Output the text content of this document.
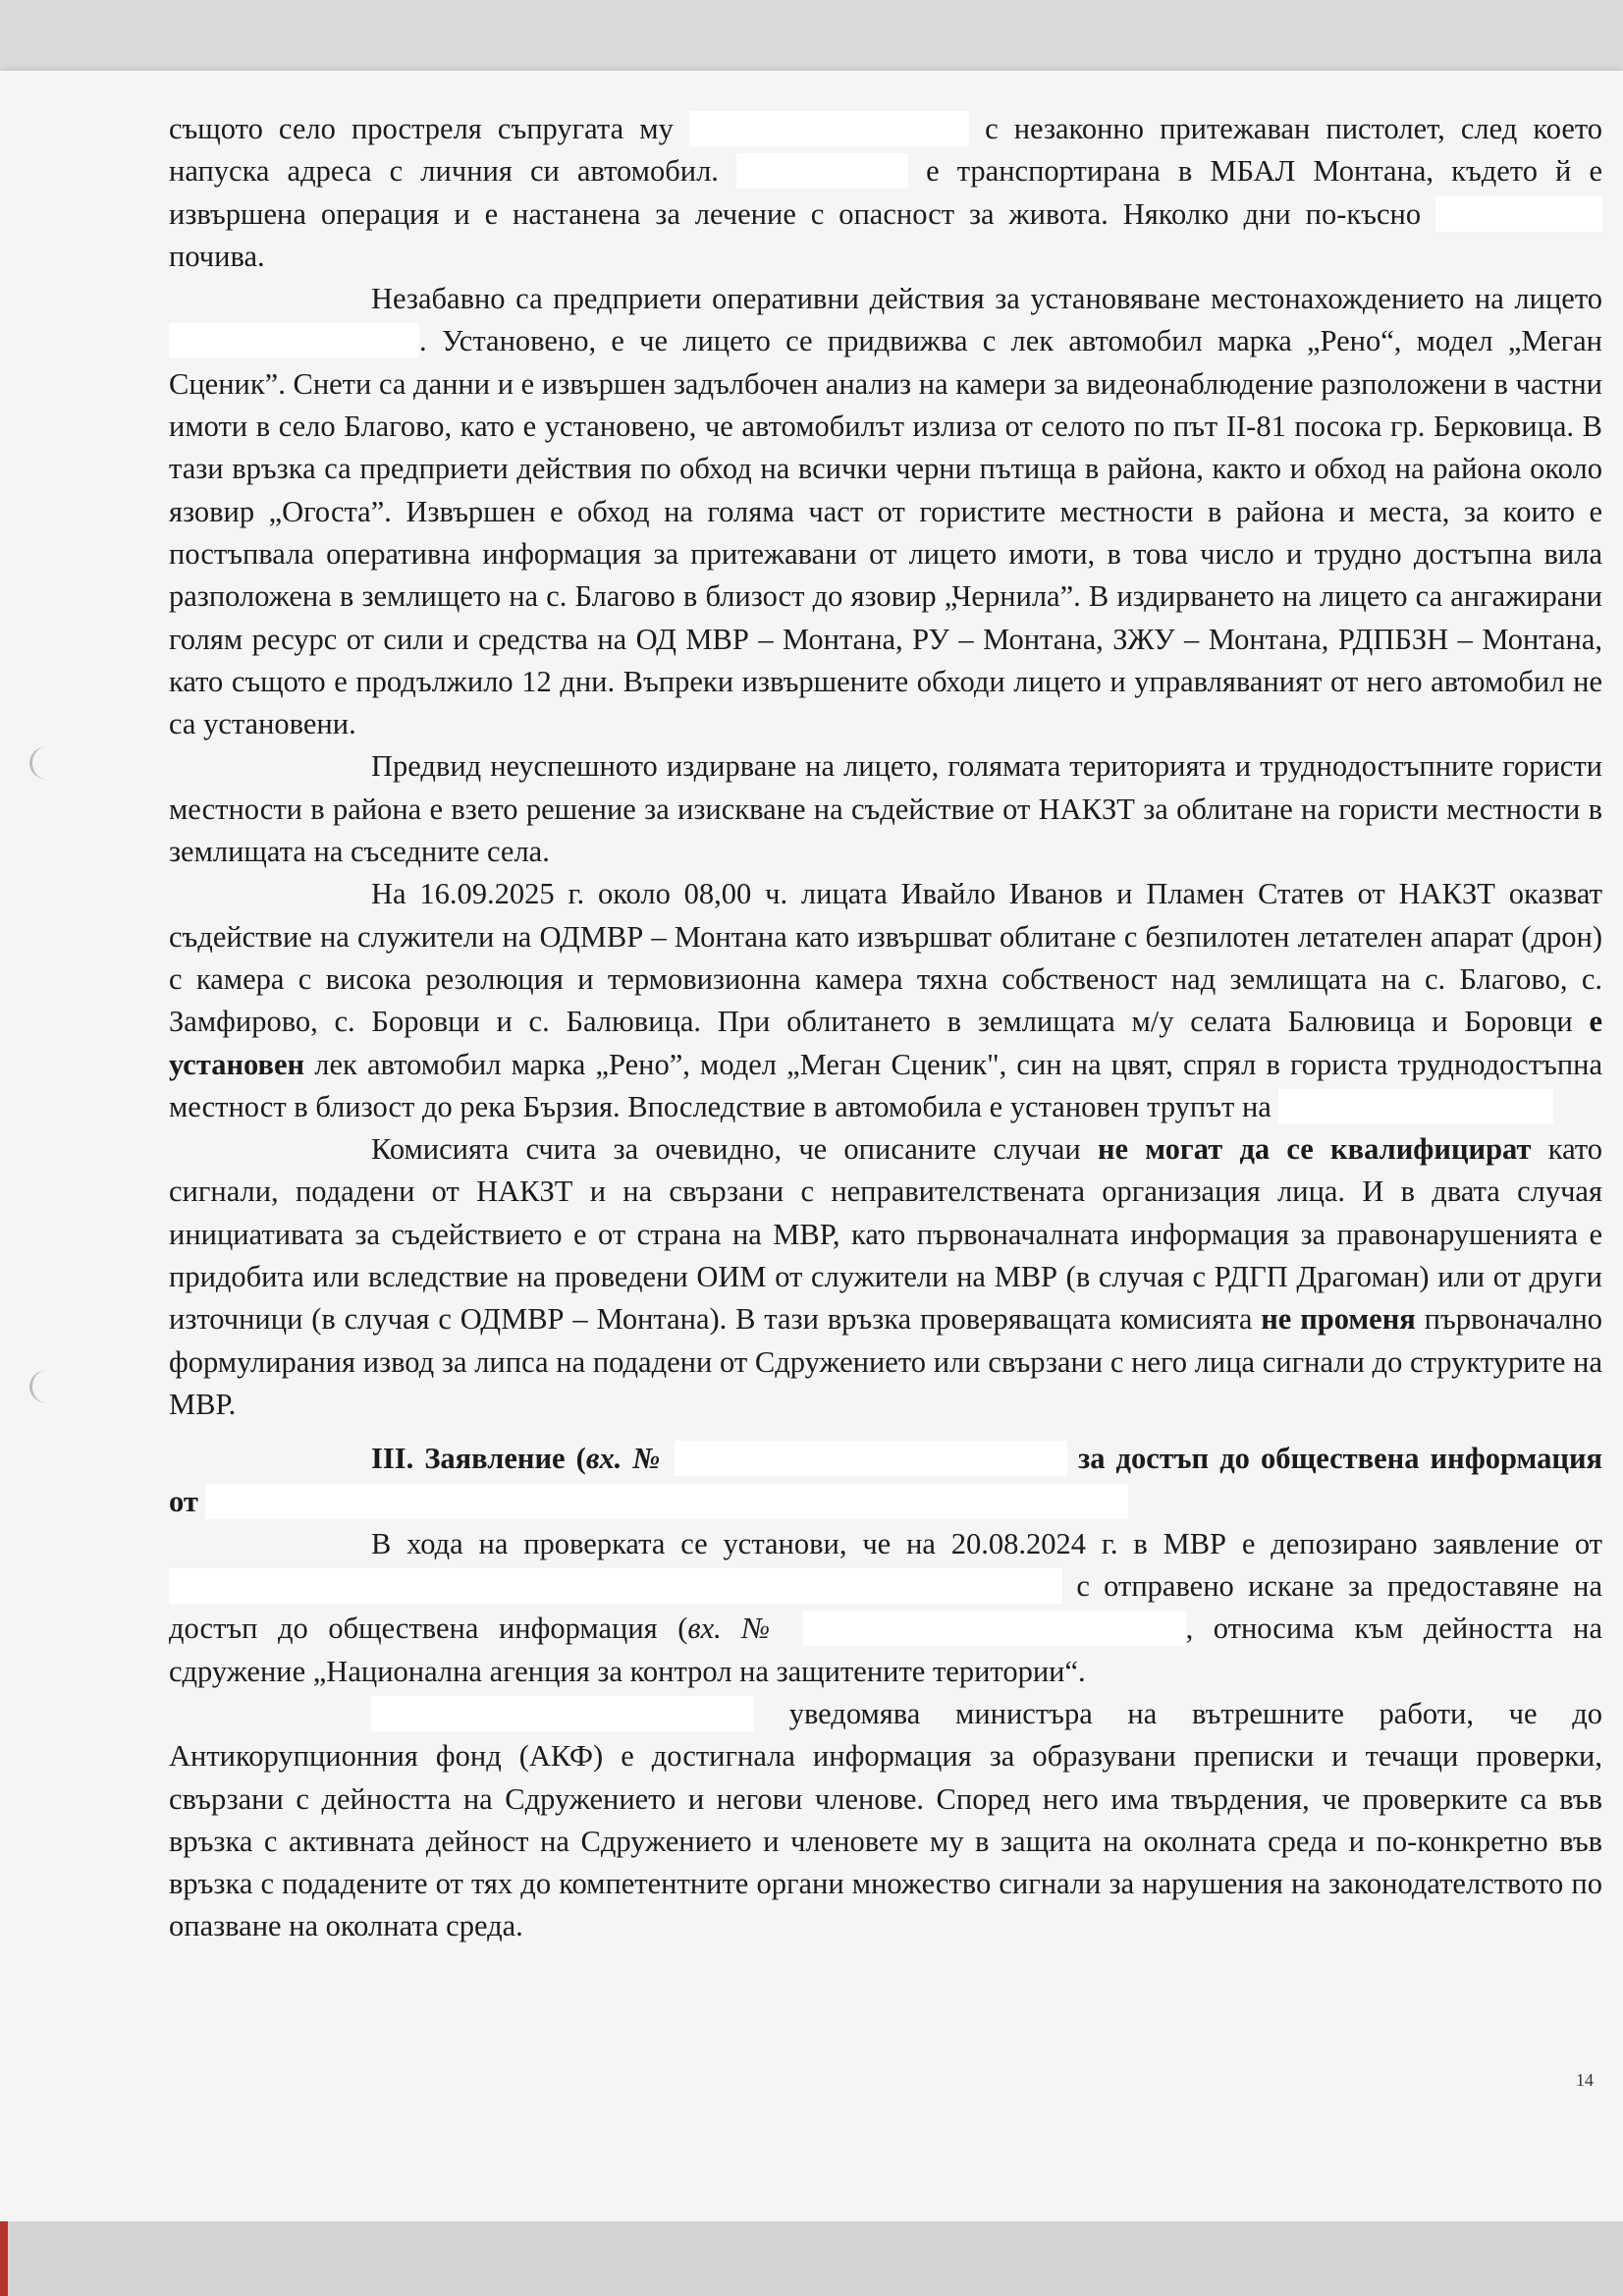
същото село простреля съпругата му	с незаконно притежаван пистолет, след което напуска адреса с личния си автомобил.	е транспортирана в МБАЛ Монтана, където й е извършена операция и е настанена за лечение с опасност за живота. Няколко дни по-късно  почива.

Незабавно са предприети оперативни действия за установяване местонахождението на лицето . Установено, е че лицето се придвижва с лек автомобил марка „Рено“, модел „Меган Сценик”. Снети са данни и е извършен задълбочен анализ на камери за видеонаблюдение разположени в частни имоти в село Благово, като е установено, че автомобилът излиза от селото по път II-81 посока гр. Берковица. В тази връзка са предприети действия по обход на всички черни пътища в района, както и обход на района около язовир „Огоста”. Извършен е обход на голяма част от гористите местности в района и места, за които е постъпвала оперативна информация за притежавани от лицето имоти, в това число и трудно достъпна вила разположена в землището на с. Благово в близост до язовир „Чернила”. В издирването на лицето са ангажирани голям ресурс от сили и средства на ОД МВР – Монтана, РУ – Монтана, ЗЖУ – Монтана, РДПБЗН – Монтана, като същото е продължило 12 дни. Въпреки извършените обходи лицето и управляваният от него автомобил не са установени.

Предвид неуспешното издирване на лицето, голямата територията и труднодостъпните гористи местности в района е взето решение за изискване на съдействие от НАКЗТ за облитане на гористи местности в землищата на съседните села.

На 16.09.2025 г. около 08,00 ч. лицата Ивайло Иванов и Пламен Статев от НАКЗТ оказват съдействие на служители на ОДМВР – Монтана като извършват облитане с безпилотен летателен апарат (дрон) с камера с висока резолюция и термовизионна камера тяхна собственост над землищата на с. Благово, с. Замфирово, с. Боровци и с. Балювица. При облитането в землищата м/у селата Балювица и Боровци е установен лек автомобил марка „Рено”, модел „Меган Сценик", син на цвят, спрял в гориста труднодостъпна местност в близост до река Бързия. Впоследствие в автомобила е установен трупът на

Комисията счита за очевидно, че описаните случаи не могат да се квалифицират като сигнали, подадени от НАКЗТ и на свързани с неправителствената организация лица. И в двата случая инициативата за съдействието е от страна на МВР, като първоначалната информация за правонарушенията е придобита или вследствие на проведени ОИМ от служители на МВР (в случая с РДГП Драгоман) или от други източници (в случая с ОДМВР – Монтана). В тази връзка проверяващата комисията не променя първоначално формулирания извод за липса на подадени от Сдружението или свързани с него лица сигнали до структурите на МВР.

III. Заявление (вх. №	за достъп до обществена информация от

В хода на проверката се установи, че на 20.08.2024 г. в МВР е депозирано заявление от  с отправено искане за предоставяне на достъп до обществена информация (вх. №	, относима към дейността на сдружение „Национална агенция за контрол на защитените територии“.

уведомява министъра на вътрешните работи, че до Антикорупционния фонд (АКФ) е достигнала информация за образувани преписки и течащи проверки, свързани с дейността на Сдружението и негови членове. Според него има твърдения, че проверките са във връзка с активната дейност на Сдружението и членовете му в защита на околната среда и по-конкретно във връзка с подадените от тях до компетентните органи множество сигнали за нарушения на законодателството по опазване на околната среда.

14
